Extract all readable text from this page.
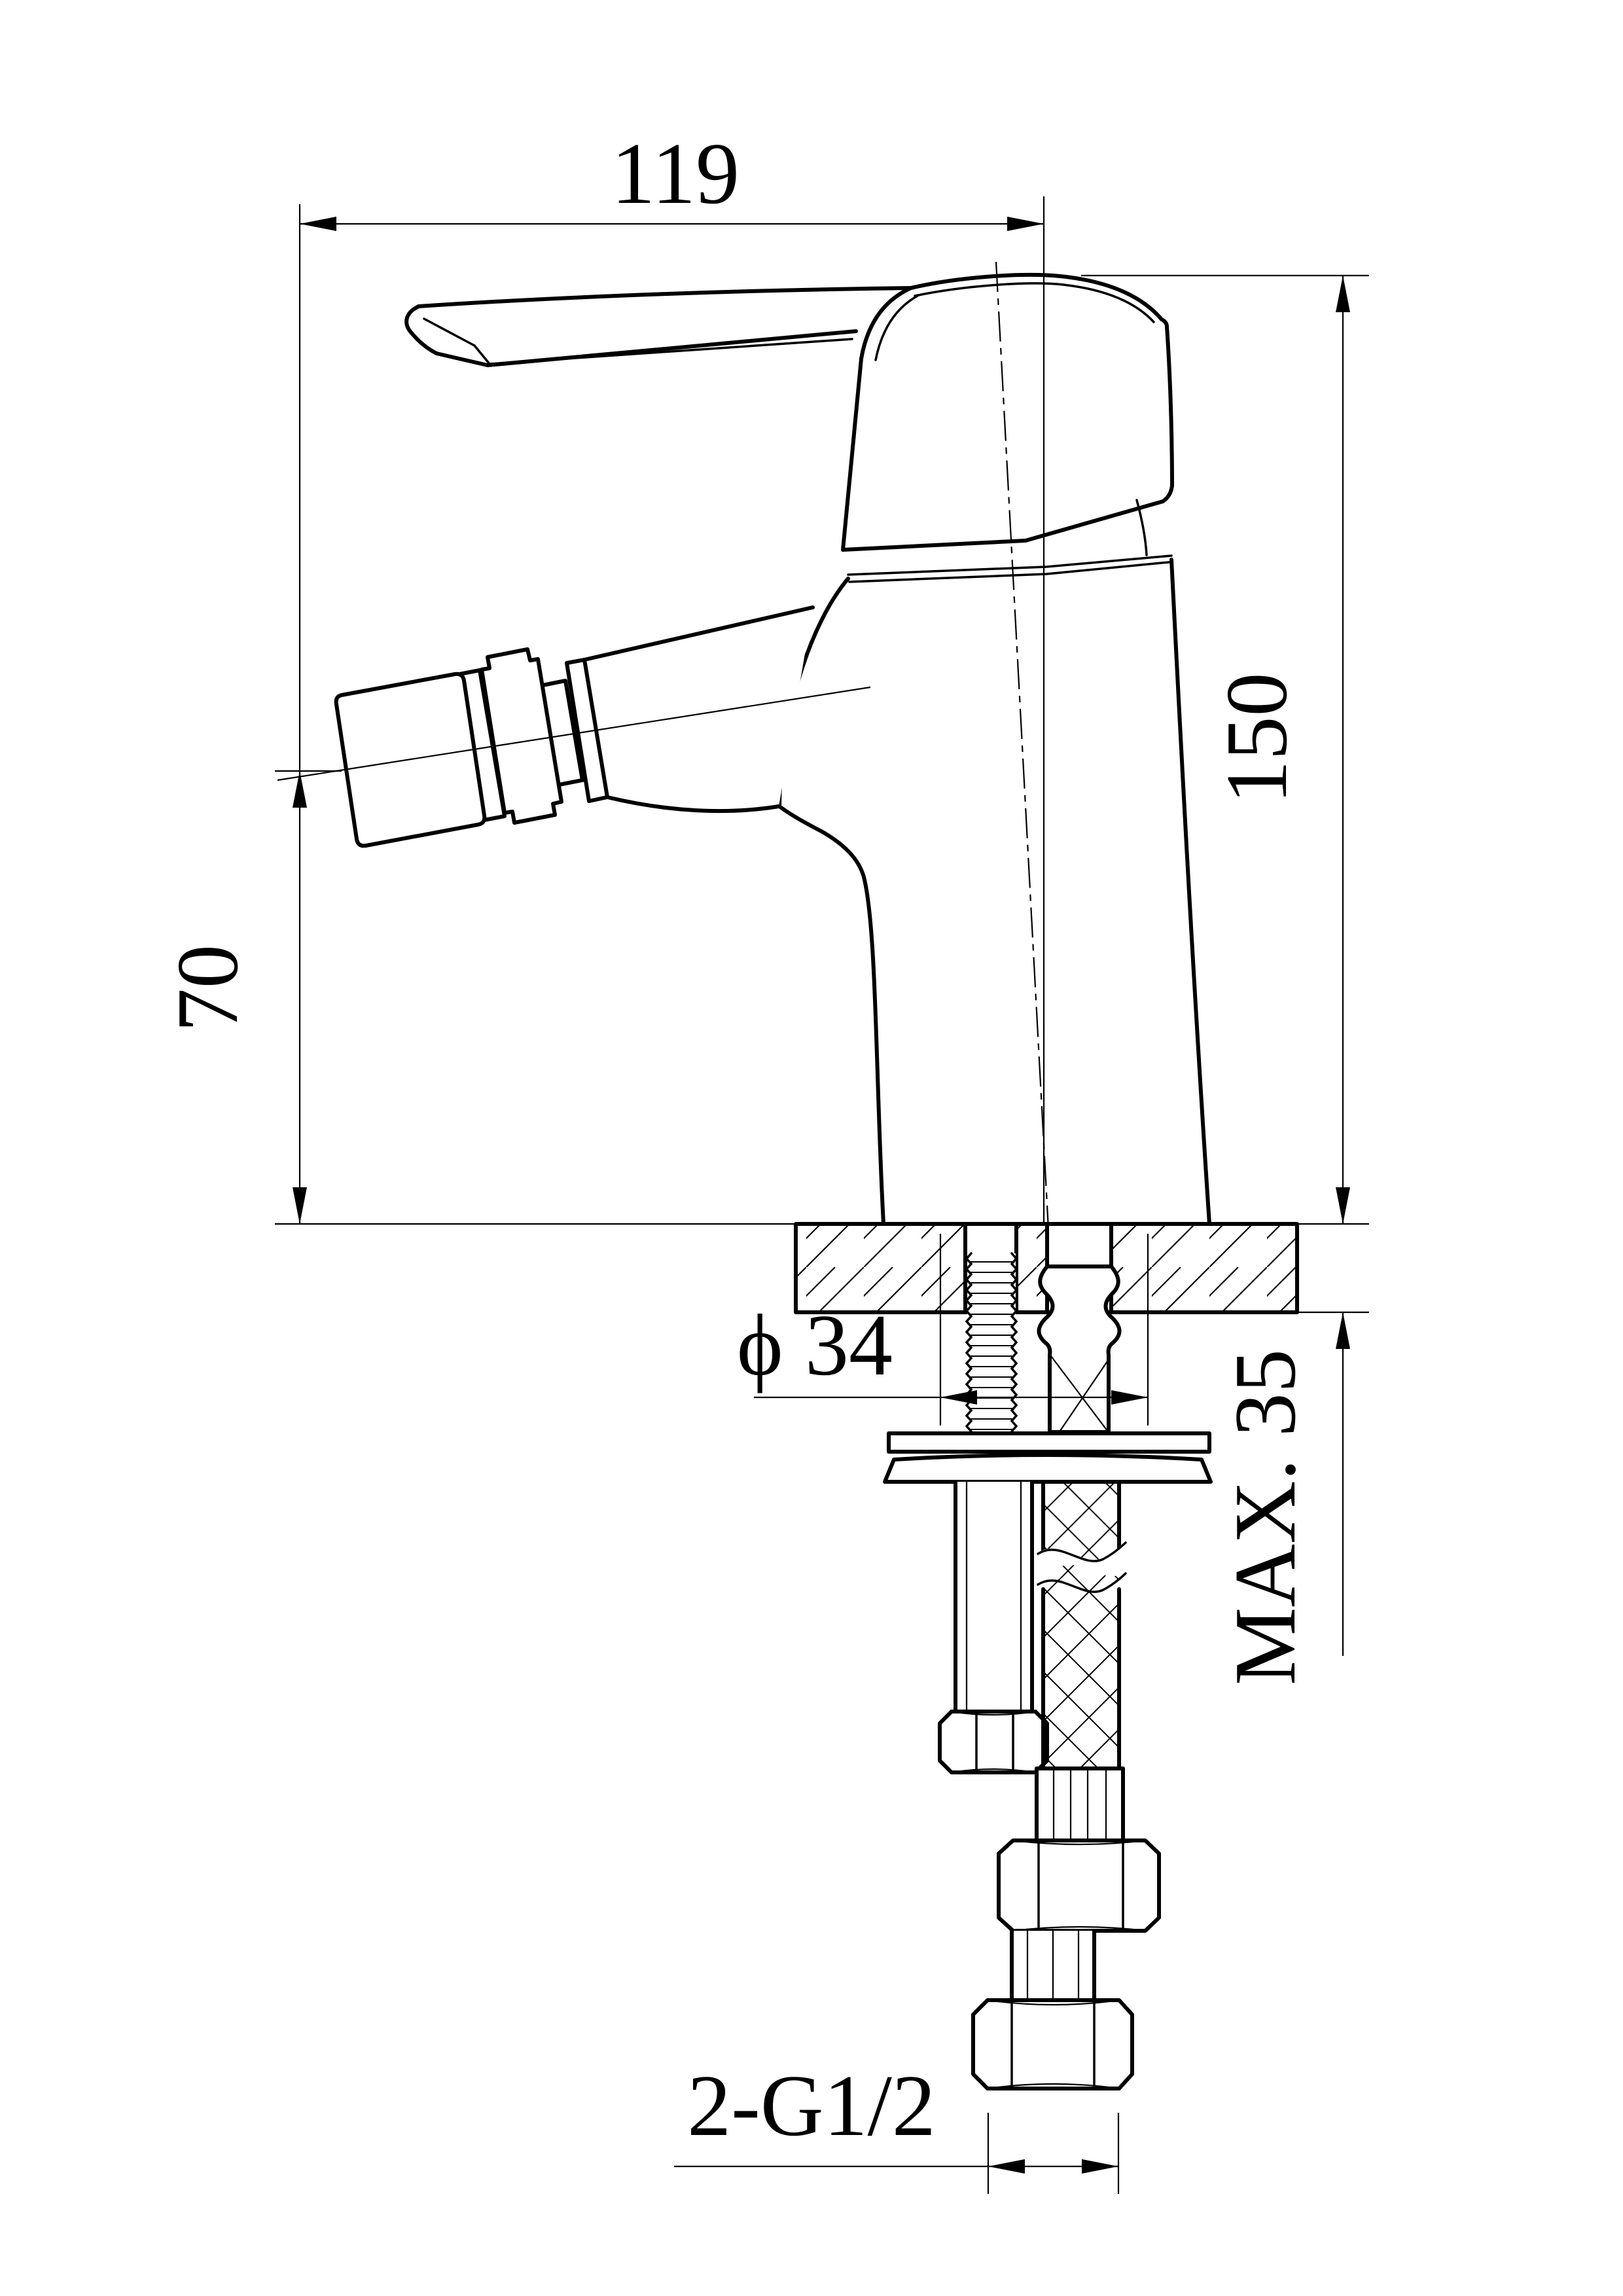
119
70
150
MAX. 35
ϕ 34
2-G1/2
